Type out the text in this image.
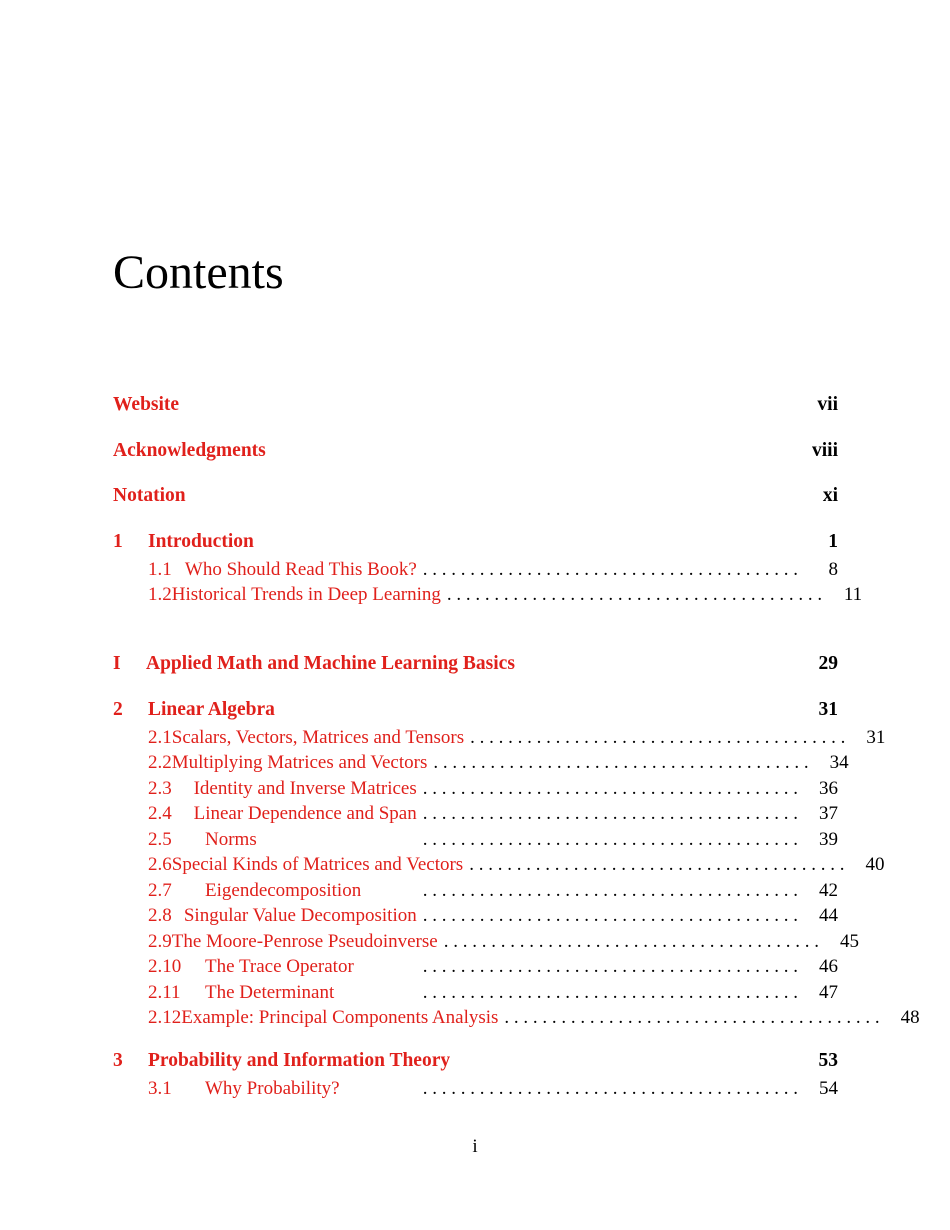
Contents
Website	vii
Acknowledgments	viii
Notation	xi
1	Introduction	1
1.1 Who Should Read This Book? . . . . . . . . . . . . . . . . . . . . . . . . . . . . . . . . . . . . . . . .	8
1.2 Historical Trends in Deep Learning . . . . . . . . . . . . . . . . . . . . . . . . . . . . . . . . . . . . . . . .	11
I	Applied Math and Machine Learning Basics	29
2	Linear Algebra	31
2.1 Scalars, Vectors, Matrices and Tensors . . . . . . . . . . . . . . . . . . . . . . . . . . . . . . . . . . . . . . . .	31
2.2 Multiplying Matrices and Vectors . . . . . . . . . . . . . . . . . . . . . . . . . . . . . . . . . . . . . . . .	34
2.3	Identity and Inverse Matrices . . . . . . . . . . . . . . . . . . . . . . . . . . . . . . . . . . . . . . . .	36
2.4	Linear Dependence and Span . . . . . . . . . . . . . . . . . . . . . . . . . . . . . . . . . . . . . . . .	37
2.5	Norms	. . . . . . . . . . . . . . . . . . . . . . . . . . . . . . . . . . . . . . . .	39
2.6 Special Kinds of Matrices and Vectors . . . . . . . . . . . . . . . . . . . . . . . . . . . . . . . . . . . . . . . .	40
2.7	Eigendecomposition	. . . . . . . . . . . . . . . . . . . . . . . . . . . . . . . . . . . . . . . .	42
2.8 Singular Value Decomposition . . . . . . . . . . . . . . . . . . . . . . . . . . . . . . . . . . . . . . . .	44
2.9 The Moore-Penrose Pseudoinverse . . . . . . . . . . . . . . . . . . . . . . . . . . . . . . . . . . . . . . . .	45
2.10	The Trace Operator	. . . . . . . . . . . . . . . . . . . . . . . . . . . . . . . . . . . . . . . .	46
2.11	The Determinant	. . . . . . . . . . . . . . . . . . . . . . . . . . . . . . . . . . . . . . . .	47
2.12 Example: Principal Components Analysis . . . . . . . . . . . . . . . . . . . . . . . . . . . . . . . . . . . . . . . .	48
3	Probability and Information Theory	53
3.1	Why Probability?	. . . . . . . . . . . . . . . . . . . . . . . . . . . . . . . . . . . . . . . .	54
i
